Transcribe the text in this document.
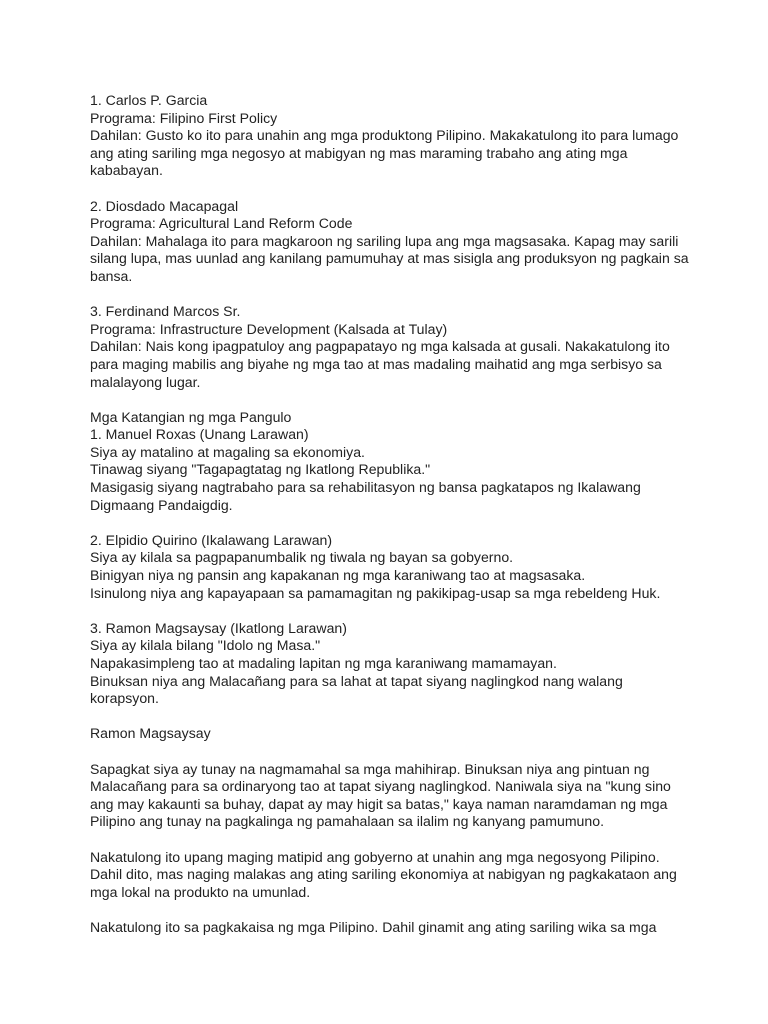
1. Carlos P. Garcia
Programa: Filipino First Policy
Dahilan: Gusto ko ito para unahin ang mga produktong Pilipino. Makakatulong ito para lumago
ang ating sariling mga negosyo at mabigyan ng mas maraming trabaho ang ating mga
kababayan.
2. Diosdado Macapagal
Programa: Agricultural Land Reform Code
Dahilan: Mahalaga ito para magkaroon ng sariling lupa ang mga magsasaka. Kapag may sarili
silang lupa, mas uunlad ang kanilang pamumuhay at mas sisigla ang produksyon ng pagkain sa
bansa.
3. Ferdinand Marcos Sr.
Programa: Infrastructure Development (Kalsada at Tulay)
Dahilan: Nais kong ipagpatuloy ang pagpapatayo ng mga kalsada at gusali. Nakakatulong ito
para maging mabilis ang biyahe ng mga tao at mas madaling maihatid ang mga serbisyo sa
malalayong lugar.
Mga Katangian ng mga Pangulo
1. Manuel Roxas (Unang Larawan)
Siya ay matalino at magaling sa ekonomiya.
Tinawag siyang "Tagapagtatag ng Ikatlong Republika."
Masigasig siyang nagtrabaho para sa rehabilitasyon ng bansa pagkatapos ng Ikalawang
Digmaang Pandaigdig.
2. Elpidio Quirino (Ikalawang Larawan)
Siya ay kilala sa pagpapanumbalik ng tiwala ng bayan sa gobyerno.
Binigyan niya ng pansin ang kapakanan ng mga karaniwang tao at magsasaka.
Isinulong niya ang kapayapaan sa pamamagitan ng pakikipag-usap sa mga rebeldeng Huk.
3. Ramon Magsaysay (Ikatlong Larawan)
Siya ay kilala bilang "Idolo ng Masa."
Napakasimpleng tao at madaling lapitan ng mga karaniwang mamamayan.
Binuksan niya ang Malacañang para sa lahat at tapat siyang naglingkod nang walang
korapsyon.
Ramon Magsaysay
Sapagkat siya ay tunay na nagmamahal sa mga mahihirap. Binuksan niya ang pintuan ng
Malacañang para sa ordinaryong tao at tapat siyang naglingkod. Naniwala siya na "kung sino
ang may kakaunti sa buhay, dapat ay may higit sa batas," kaya naman naramdaman ng mga
Pilipino ang tunay na pagkalinga ng pamahalaan sa ilalim ng kanyang pamumuno.
Nakatulong ito upang maging matipid ang gobyerno at unahin ang mga negosyong Pilipino.
Dahil dito, mas naging malakas ang ating sariling ekonomiya at nabigyan ng pagkakataon ang
mga lokal na produkto na umunlad.
Nakatulong ito sa pagkakaisa ng mga Pilipino. Dahil ginamit ang ating sariling wika sa mga
